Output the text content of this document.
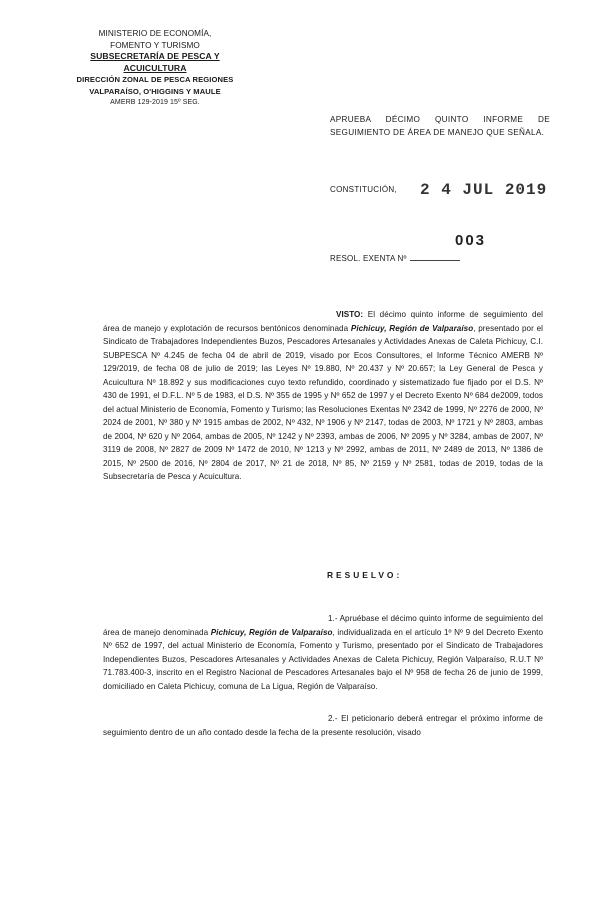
MINISTERIO DE ECONOMÍA,
FOMENTO Y TURISMO
SUBSECRETARÍA DE PESCA Y ACUICULTURA
DIRECCIÓN ZONAL DE PESCA REGIONES
VALPARAÍSO, O'HIGGINS Y MAULE
AMERB 129-2019 15º SEG.
APRUEBA DÉCIMO QUINTO INFORME DE SEGUIMIENTO DE ÁREA DE MANEJO QUE SEÑALA.
CONSTITUCIÓN, 2 4 JUL 2019
003
RESOL. EXENTA Nº
VISTO: El décimo quinto informe de seguimiento del área de manejo y explotación de recursos bentónicos denominada Pichicuy, Región de Valparaíso, presentado por el Sindicato de Trabajadores Independientes Buzos, Pescadores Artesanales y Actividades Anexas de Caleta Pichicuy, C.I. SUBPESCA Nº 4.245 de fecha 04 de abril de 2019, visado por Ecos Consultores, el Informe Técnico AMERB Nº 129/2019, de fecha 08 de julio de 2019; las Leyes Nº 19.880, Nº 20.437 y Nº 20.657; la Ley General de Pesca y Acuicultura Nº 18.892 y sus modificaciones cuyo texto refundido, coordinado y sistematizado fue fijado por el D.S. Nº 430 de 1991, el D.F.L. Nº 5 de 1983, el D.S. Nº 355 de 1995 y Nº 652 de 1997 y el Decreto Exento Nº 684 de2009, todos del actual Ministerio de Economía, Fomento y Turismo; las Resoluciones Exentas Nº 2342 de 1999, Nº 2276 de 2000, Nº 2024 de 2001, Nº 380 y Nº 1915 ambas de 2002, Nº 432, Nº 1906 y Nº 2147, todas de 2003, Nº 1721 y Nº 2803, ambas de 2004, Nº 620 y Nº 2064, ambas de 2005, Nº 1242 y Nº 2393, ambas de 2006, Nº 2095 y Nº 3284, ambas de 2007, Nº 3119 de 2008, Nº 2827 de 2009 Nº 1472 de 2010, Nº 1213 y Nº 2992, ambas de 2011, Nº 2489 de 2013, Nº 1386 de 2015, Nº 2500 de 2016, Nº 2804 de 2017, Nº 21 de 2018, Nº 85, Nº 2159 y Nº 2581, todas de 2019, todas de la Subsecretaría de Pesca y Acuicultura.
RESUELVO:
1.- Apruébase el décimo quinto informe de seguimiento del área de manejo denominada Pichicuy, Región de Valparaíso, individualizada en el artículo 1º Nº 9 del Decreto Exento Nº 652 de 1997, del actual Ministerio de Economía, Fomento y Turismo, presentado por el Sindicato de Trabajadores Independientes Buzos, Pescadores Artesanales y Actividades Anexas de Caleta Pichicuy, Región Valparaíso, R.U.T Nº 71.783.400-3, inscrito en el Registro Nacional de Pescadores Artesanales bajo el Nº 958 de fecha 26 de junio de 1999, domiciliado en Caleta Pichicuy, comuna de La Ligua, Región de Valparaíso.
2.- El peticionario deberá entregar el próximo informe de seguimiento dentro de un año contado desde la fecha de la presente resolución, visado
